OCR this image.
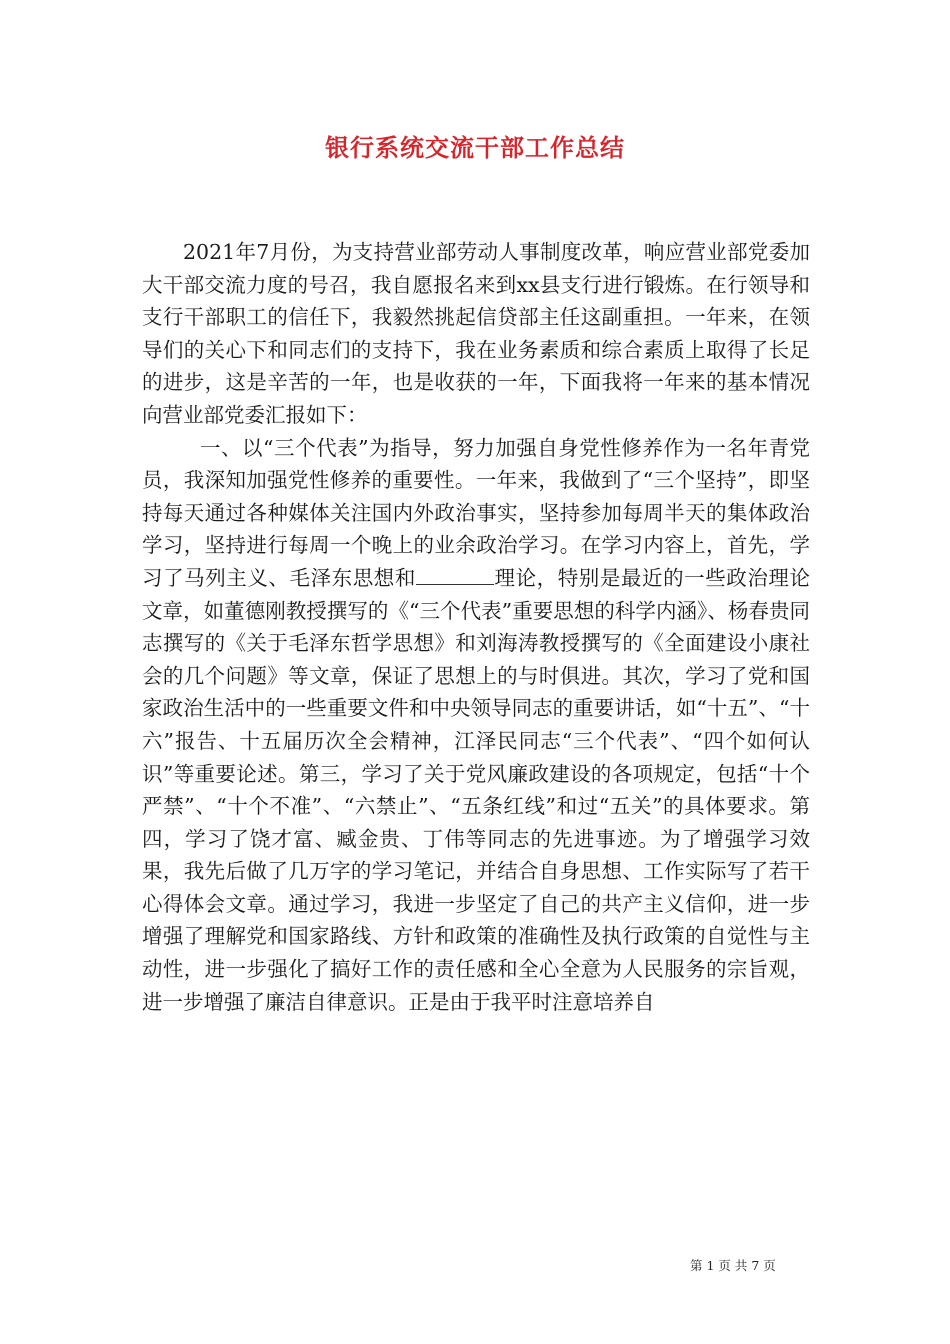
银行系统交流干部工作总结

2021年7月份，为支持营业部劳动人事制度改革，响应营业部党委加大干部交流力度的号召，我自愿报名来到xx县支行进行锻炼。在行领导和支行干部职工的信任下，我毅然挑起信贷部主任这副重担。一年来，在领导们的关心下和同志们的支持下，我在业务素质和综合素质上取得了长足的进步，这是辛苦的一年，也是收获的一年，下面我将一年来的基本情况向营业部党委汇报如下：

一、以“三个代表”为指导，努力加强自身党性修养作为一名年青党员，我深知加强党性修养的重要性。一年来，我做到了“三个坚持”，即坚持每天通过各种媒体关注国内外政治事实，坚持参加每周半天的集体政治学习，坚持进行每周一个晚上的业余政治学习。在学习内容上，首先，学习了马列主义、毛泽东思想和	理论，特别是最近的一些政治理论文章，如董德刚教授撰写的《“三个代表”重要思想的科学内涵》、杨春贵同志撰写的《关于毛泽东哲学思想》和刘海涛教授撰写的《全面建设小康社会的几个问题》等文章，保证了思想上的与时俱进。其次，学习了党和国家政治生活中的一些重要文件和中央领导同志的重要讲话，如“十五”、“十六”报告、十五届历次全会精神，江泽民同志“三个代表”、“四个如何认识”等重要论述。第三，学习了关于党风廉政建设的各项规定，包括“十个严禁”、“十个不准”、“六禁止”、“五条红线”和过“五关”的具体要求。第四，学习了饶才富、臧金贵、丁伟等同志的先进事迹。为了增强学习效果，我先后做了几万字的学习笔记，并结合自身思想、工作实际写了若干心得体会文章。通过学习，我进一步坚定了自己的共产主义信仰，进一步增强了理解党和国家路线、方针和政策的准确性及执行政策的自觉性与主动性，进一步强化了搞好工作的责任感和全心全意为人民服务的宗旨观，进一步增强了廉洁自律意识。正是由于我平时注意培养自

第 1 页 共 7 页
